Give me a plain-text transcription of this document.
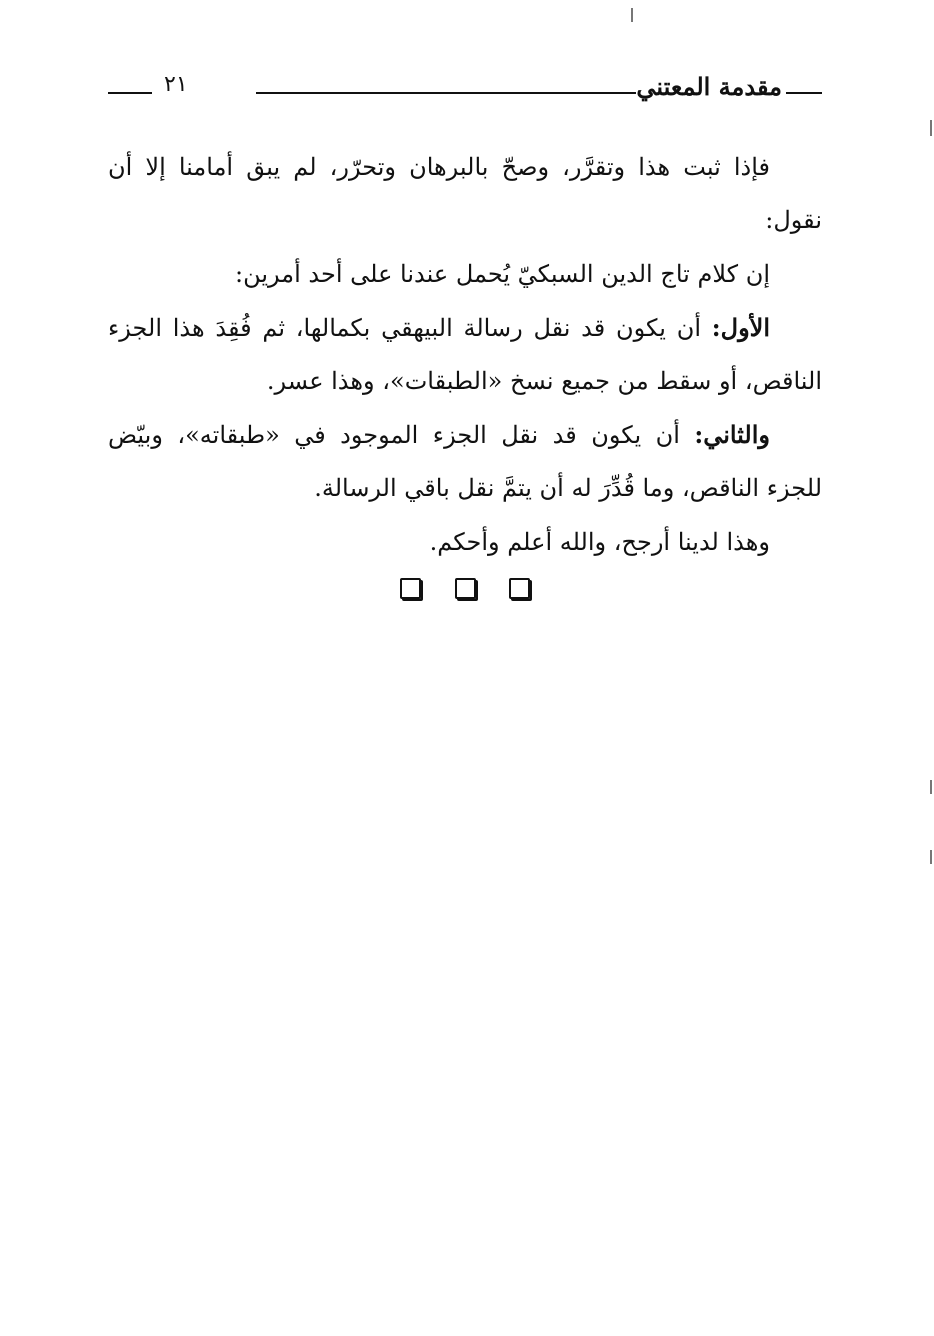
مقدمة المعتني
٢١

فإذا ثبت هذا وتقرَّر، وصحّ بالبرهان وتحرّر، لم يبق أمامنا إلا أن نقول:

إن كلام تاج الدين السبكيّ يُحمل عندنا على أحد أمرين:

الأول: أن يكون قد نقل رسالة البيهقي بكمالها، ثم فُقِدَ هذا الجزء الناقص، أو سقط من جميع نسخ «الطبقات»، وهذا عسر.

والثاني: أن يكون قد نقل الجزء الموجود في «طبقاته»، وبيّض للجزء الناقص، وما قُدِّرَ له أن يتمَّ نقل باقي الرسالة.

وهذا لدينا أرجح، والله أعلم وأحكم.
